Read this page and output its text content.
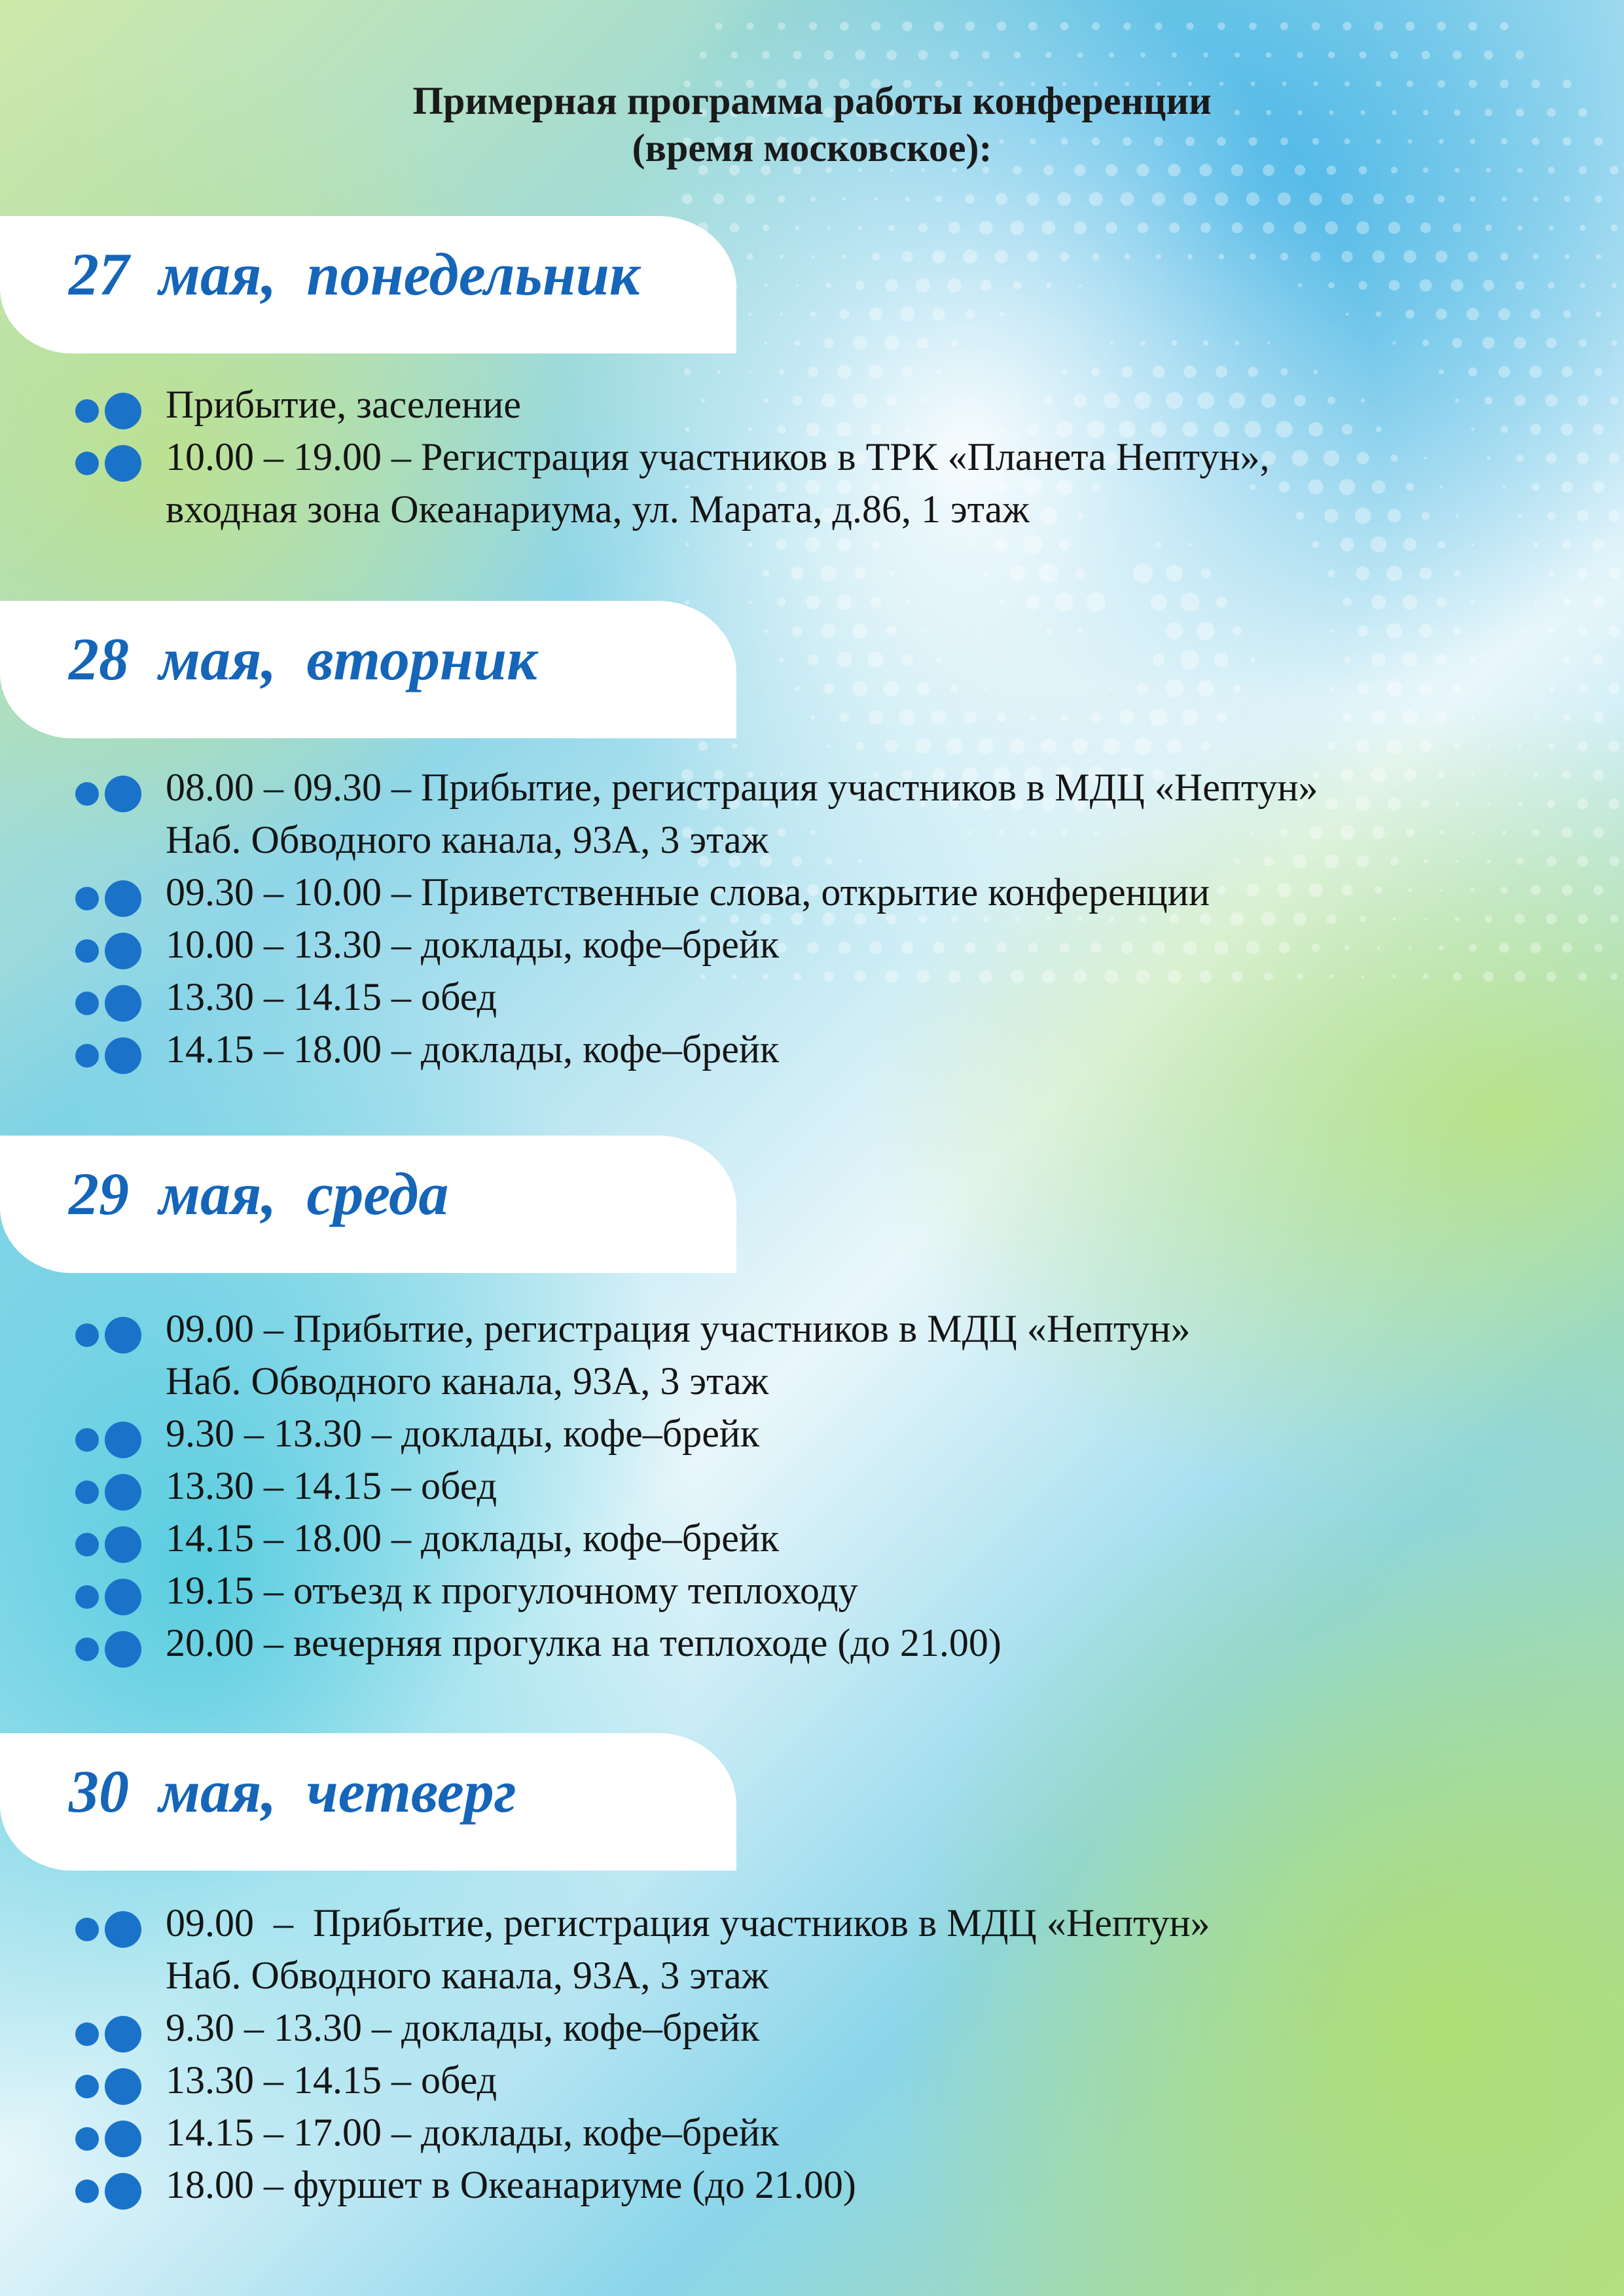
Примерная программа работы конференции
(время московское):
27  мая,  понедельник
Прибытие, заселение
10.00 – 19.00 – Регистрация участников в ТРК «Планета Нептун»,
входная зона Океанариума, ул. Марата, д.86, 1 этаж
28  мая,  вторник
08.00 – 09.30 – Прибытие, регистрация участников в МДЦ «Нептун»
Наб. Обводного канала, 93А, 3 этаж
09.30 – 10.00 – Приветственные слова, открытие конференции
10.00 – 13.30 – доклады, кофе–брейк
13.30 – 14.15 – обед
14.15 – 18.00 – доклады, кофе–брейк
29  мая,  среда
09.00 – Прибытие, регистрация участников в МДЦ «Нептун»
Наб. Обводного канала, 93А, 3 этаж
9.30 – 13.30 – доклады, кофе–брейк
13.30 – 14.15 – обед
14.15 – 18.00 – доклады, кофе–брейк
19.15 – отъезд к прогулочному теплоходу
20.00 – вечерняя прогулка на теплоходе (до 21.00)
30  мая,  четверг
09.00  –  Прибытие, регистрация участников в МДЦ «Нептун»
Наб. Обводного канала, 93А, 3 этаж
9.30 – 13.30 – доклады, кофе–брейк
13.30 – 14.15 – обед
14.15 – 17.00 – доклады, кофе–брейк
18.00 – фуршет в Океанариуме (до 21.00)
